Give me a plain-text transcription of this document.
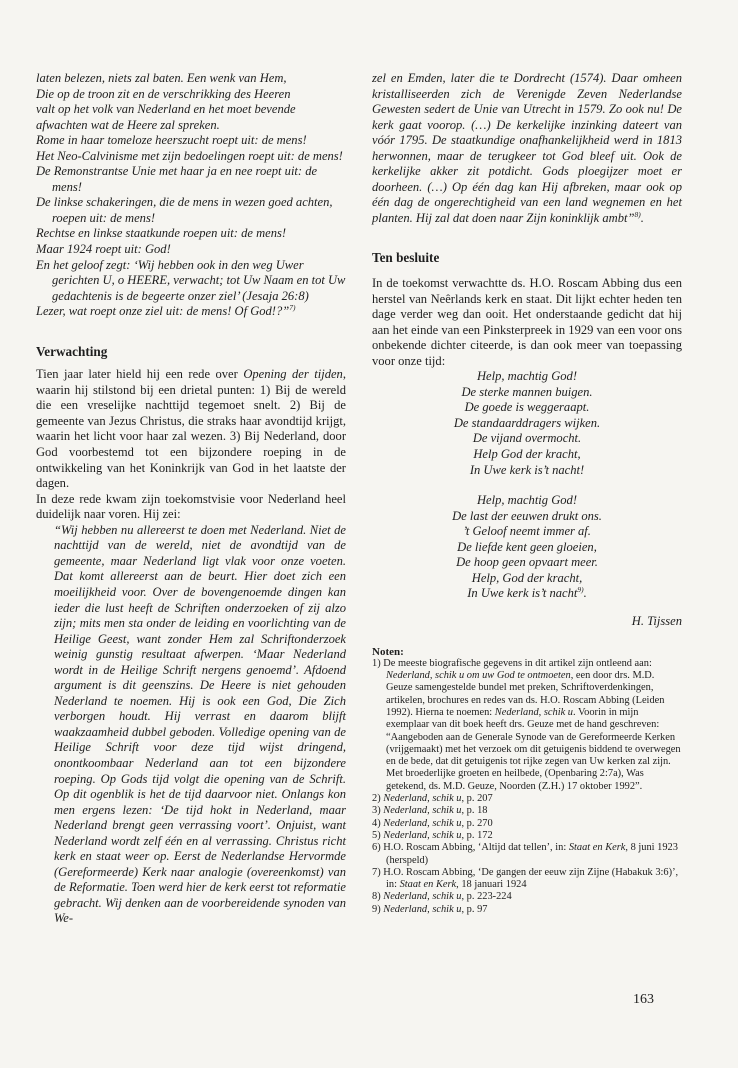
laten belezen, niets zal baten. Een wenk van Hem,

Die op de troon zit en de verschrikking des Heeren

valt op het volk van Nederland en het moet bevende

afwachten wat de Heere zal spreken.

Rome in haar tomeloze heerszucht roept uit: de mens!

Het Neo-Calvinisme met zijn bedoelingen roept uit: de mens!

De Remonstrantse Unie met haar ja en nee roept uit: de mens!

De linkse schakeringen, die de mens in wezen goed achten, roepen uit: de mens!

Rechtse en linkse staatkunde roepen uit: de mens!

Maar 1924 roept uit: God!

En het geloof zegt: ‘Wij hebben ook in den weg Uwer gerichten U, o HEERE, verwacht; tot Uw Naam en tot Uw gedachtenis is de begeerte onzer ziel’ (Jesaja 26:8)

Lezer, wat roept onze ziel uit: de mens! Of God!?”$^{7)}$

Verwachting

Tien jaar later hield hij een rede over Opening der tijden, waarin hij stilstond bij een drietal punten: 1) Bij de wereld die een vreselijke nachttijd tegemoet snelt. 2) Bij de gemeente van Jezus Christus, die straks haar avondtijd krijgt, waarin het licht voor haar zal wezen. 3) Bij Nederland, door God voorbestemd tot een bijzondere roeping in de ontwikkeling van het Koninkrijk van God in het laatste der dagen.

In deze rede kwam zijn toekomstvisie voor Nederland heel duidelijk naar voren. Hij zei:

“Wij hebben nu allereerst te doen met Nederland. Niet de nachttijd van de wereld, niet de avondtijd van de gemeente, maar Nederland ligt vlak voor onze voeten. Dat komt allereerst aan de beurt. Hier doet zich een moeilijkheid voor. Over de bovengenoemde dingen kan ieder die lust heeft de Schriften onderzoeken of zij alzo zijn; mits men sta onder de leiding en voorlichting van de Heilige Geest, want zonder Hem zal Schriftonderzoek weinig gunstig resultaat afwerpen. ‘Maar Nederland wordt in de Heilige Schrift nergens genoemd’. Afdoend argument is dit geenszins. De Heere is niet gehouden Nederland te noemen. Hij is ook een God, Die Zich verborgen houdt. Hij verrast en daarom blijft waakzaamheid dubbel geboden. Volledige opening van de Heilige Schrift voor deze tijd wijst dringend, onontkoombaar Nederland aan tot een bijzondere roeping. Op Gods tijd volgt die opening van de Schrift. Op dit ogenblik is het de tijd daarvoor niet. Onlangs kon men ergens lezen: ‘De tijd hokt in Nederland, maar Nederland brengt geen verrassing voort’. Onjuist, want Nederland wordt zelf één en al verrassing. Christus richt kerk en staat weer op. Eerst de Nederlandse Hervormde (Gereformeerde) Kerk naar analogie (overeenkomst) van de Reformatie. Toen werd hier de kerk eerst tot reformatie gebracht. Wij denken aan de voorbereidende synoden van We-

zel en Emden, later die te Dordrecht (1574). Daar omheen kristalliseerden zich de Verenigde Zeven Nederlandse Gewesten sedert de Unie van Utrecht in 1579. Zo ook nu! De kerk gaat voorop. (…) De kerkelijke inzinking dateert van vóór 1795. De staatkundige onafhankelijkheid werd in 1813 herwonnen, maar de terugkeer tot God bleef uit. Ook de kerkelijke akker zit potdicht. Gods ploegijzer moet er doorheen. (…) Op één dag kan Hij afbreken, maar ook op één dag de ongerechtigheid van een land wegnemen en het planten. Hij zal dat doen naar Zijn koninklijk ambt”$^{8)}$.

Ten besluite

In de toekomst verwachtte ds. H.O. Roscam Abbing dus een herstel van Neêrlands kerk en staat. Dit lijkt echter heden ten dage verder weg dan ooit. Het onderstaande gedicht dat hij aan het einde van een Pinksterpreek in 1929 van een voor ons onbekende dichter citeerde, is dan ook meer van toepassing voor onze tijd:

Help, machtig God!

De sterke mannen buigen.

De goede is weggeraapt.

De standaarddragers wijken.

De vijand overmocht.

Help God der kracht,

In Uwe kerk is’t nacht!

Help, machtig God!

De last der eeuwen drukt ons.

’t Geloof neemt immer af.

De liefde kent geen gloeien,

De hoop geen opvaart meer.

Help, God der kracht,

In Uwe kerk is’t nacht$^{9)}$.

H. Tijssen

Noten:

1) De meeste biografische gegevens in dit artikel zijn ontleend aan: Nederland, schik u om uw God te ontmoeten, een door drs. M.D. Geuze samengestelde bundel met preken, Schriftoverdenkingen, artikelen, brochures en redes van ds. H.O. Roscam Abbing (Leiden 1992). Hierna te noemen: Nederland, schik u. Voorin in mijn exemplaar van dit boek heeft drs. Geuze met de hand geschreven: “Aangeboden aan de Generale Synode van de Gereformeerde Kerken (vrijgemaakt) met het verzoek om dit getuigenis biddend te overwegen en de bede, dat dit getuigenis tot rijke zegen van Uw kerken zal zijn. Met broederlijke groeten en heilbede, (Openbaring 2:7a), Was getekend, ds. M.D. Geuze, Noorden (Z.H.) 17 oktober 1992”.

2) Nederland, schik u, p. 207

3) Nederland, schik u, p. 18

4) Nederland, schik u, p. 270

5) Nederland, schik u, p. 172

6) H.O. Roscam Abbing, ‘Altijd dat tellen’, in: Staat en Kerk, 8 juni 1923 (herspeld)

7) H.O. Roscam Abbing, ‘De gangen der eeuw zijn Zijne (Habakuk 3:6)’, in: Staat en Kerk, 18 januari 1924

8) Nederland, schik u, p. 223-224

9) Nederland, schik u, p. 97

163
